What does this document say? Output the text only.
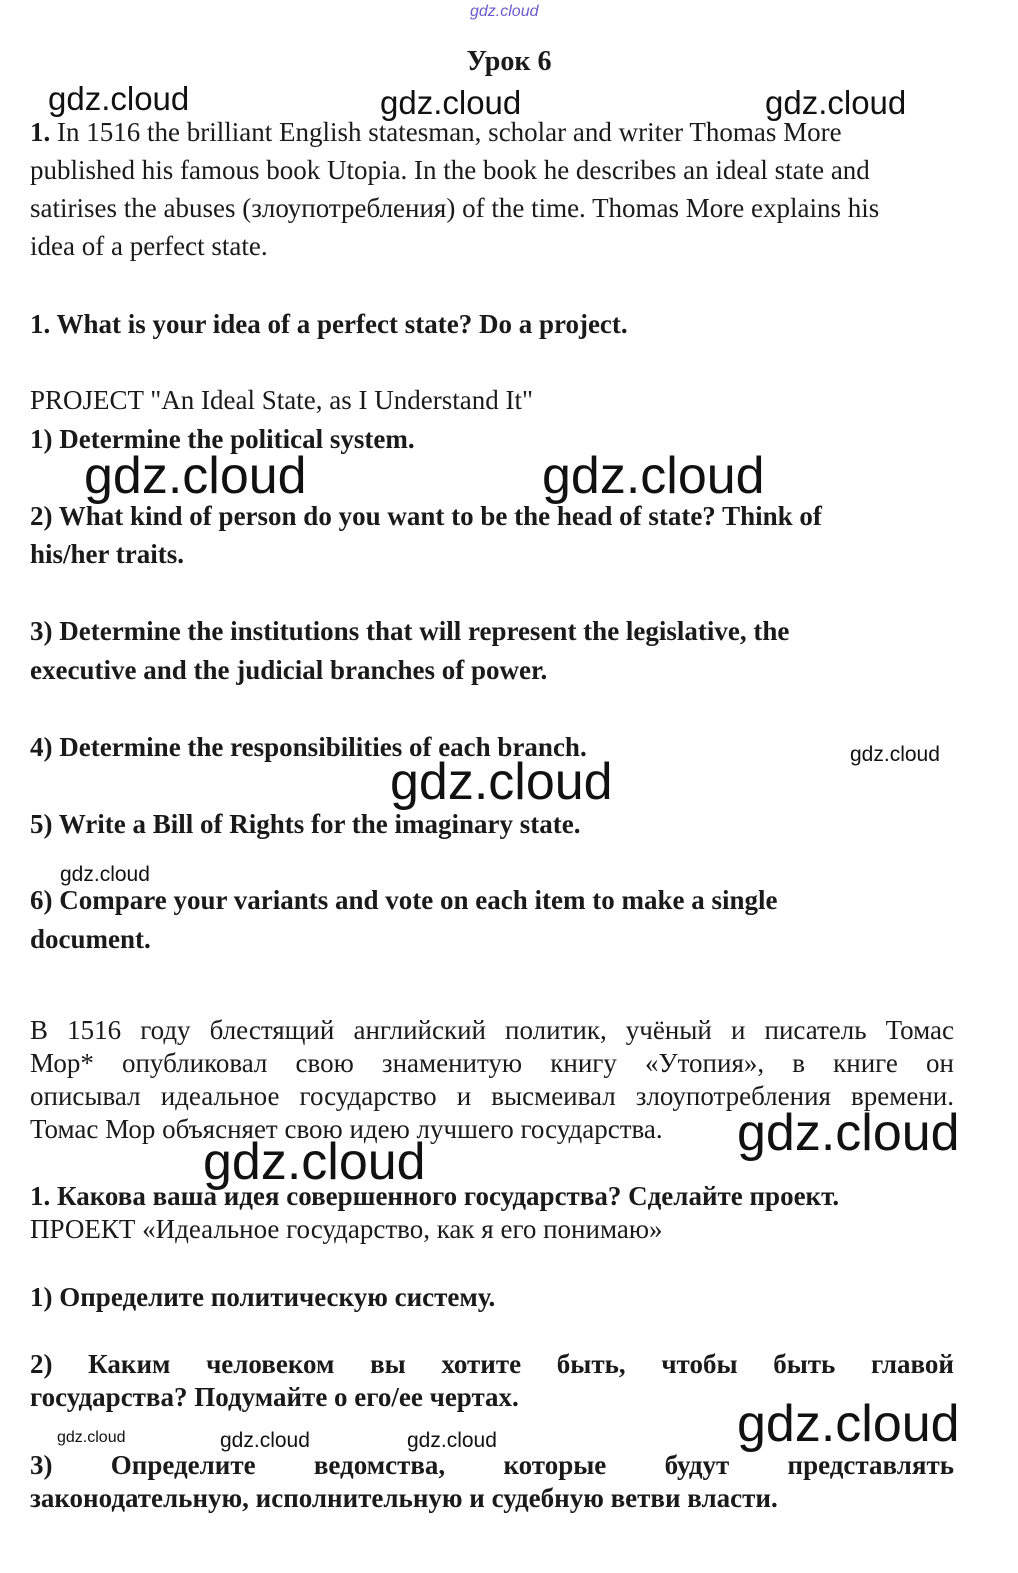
gdz.cloud
Урок 6
1. In 1516 the brilliant English statesman, scholar and writer Thomas More
published his famous book Utopia. In the book he describes an ideal state and
satirises the abuses (злоупотребления) of the time. Thomas More explains his
idea of a perfect state.
1. What is your idea of a perfect state? Do a project.
PROJECT "An Ideal State, as I Understand It"
1) Determine the political system.
2) What kind of person do you want to be the head of state? Think of
his/her traits.
3) Determine the institutions that will represent the legislative, the
executive and the judicial branches of power.
4) Determine the responsibilities of each branch.
5) Write a Bill of Rights for the imaginary state.
6) Compare your variants and vote on each item to make a single
document.
В 1516 году блестящий английский политик, учёный и писатель Томас
Мор* опубликовал свою знаменитую книгу «Утопия», в книге он
описывал идеальное государство и высмеивал злоупотребления времени.
Томас Мор объясняет свою идею лучшего государства.
1. Какова ваша идея совершенного государства? Сделайте проект.
ПРОЕКТ «Идеальное государство, как я его понимаю»
1) Определите политическую систему.
2) Каким человеком вы хотите быть, чтобы быть главой
государства? Подумайте о его/ее чертах.
3) Определите ведомства, которые будут представлять
законодательную, исполнительную и судебную ветви власти.
gdz.cloud	gdz.cloud	gdz.cloud
gdz.cloud	gdz.cloud
gdz.cloud
gdz.cloud
gdz.cloud
gdz.cloud
gdz.cloud
gdz.cloud
gdz.cloud	gdz.cloud	gdz.cloud
